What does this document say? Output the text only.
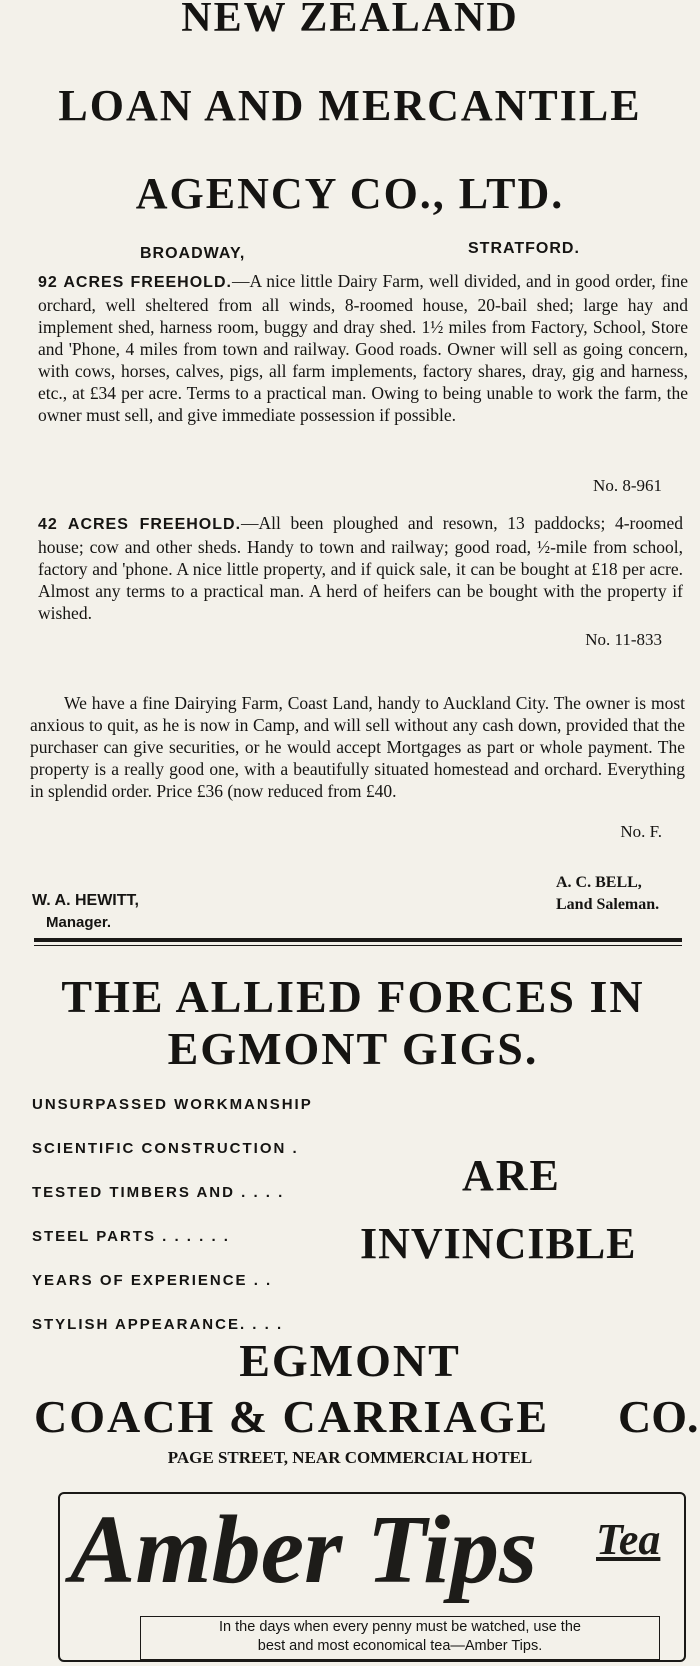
NEW ZEALAND
LOAN AND MERCANTILE
AGENCY CO., LTD.
BROADWAY,	STRATFORD.
92 ACRES FREEHOLD.—A nice little Dairy Farm, well divided, and in good order, fine orchard, well sheltered from all winds, 8-roomed house, 20-bail shed; large hay and implement shed, harness room, buggy and dray shed. 1½ miles from Factory, School, Store and 'Phone, 4 miles from town and railway. Good roads. Owner will sell as going concern, with cows, horses, calves, pigs, all farm implements, factory shares, dray, gig and harness, etc., at £34 per acre. Terms to a practical man. Owing to being unable to work the farm, the owner must sell, and give immediate possession if possible.
No. 8-961
42 ACRES FREEHOLD.—All been ploughed and resown, 13 paddocks; 4-roomed house; cow and other sheds. Handy to town and railway; good road, ½-mile from school, factory and 'phone. A nice little property, and if quick sale, it can be bought at £18 per acre. Almost any terms to a practical man. A herd of heifers can be bought with the property if wished.
No. 11-833
We have a fine Dairying Farm, Coast Land, handy to Auckland City. The owner is most anxious to quit, as he is now in Camp, and will sell without any cash down, provided that the purchaser can give securities, or he would accept Mortgages as part or whole payment. The property is a really good one, with a beautifully situated homestead and orchard. Everything in splendid order. Price £36 (now reduced from £40.
No. F.
W. A. HEWITT,
Manager.
A. C. BELL,
Land Saleman.
THE ALLIED FORCES IN
EGMONT GIGS.
UNSURPASSED WORKMANSHIP
SCIENTIFIC CONSTRUCTION .
TESTED TIMBERS AND . . . .
STEEL PARTS . . . . . .
YEARS OF EXPERIENCE . .
STYLISH APPEARANCE. . . .
ARE
INVINCIBLE
EGMONT
COACH & CARRIAGE CO.
PAGE STREET, NEAR COMMERCIAL HOTEL
Amber Tips Tea
In the days when every penny must be watched, use the
best and most economical tea—Amber Tips.
